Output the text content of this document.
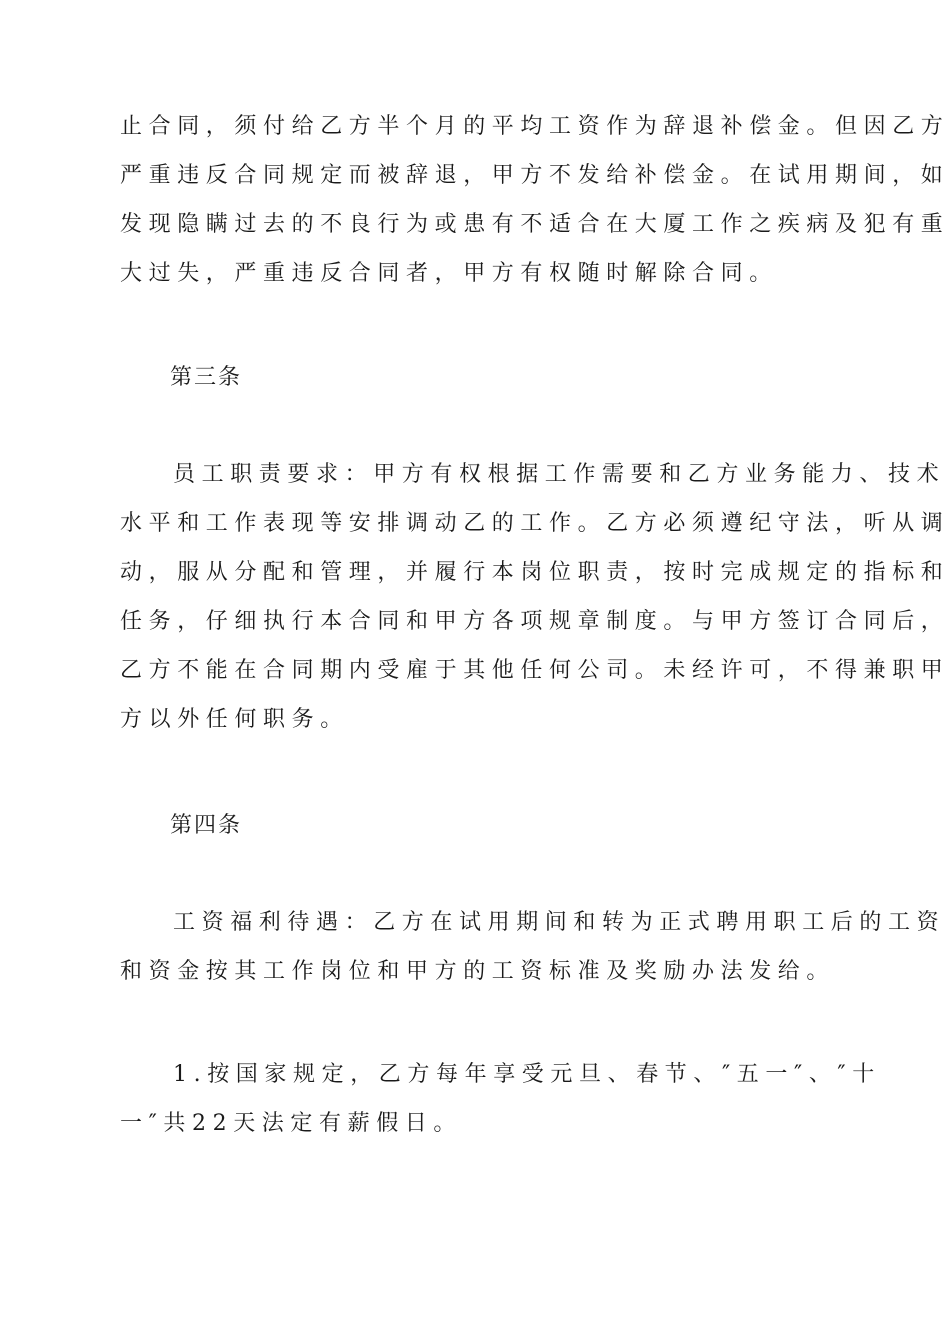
止合同，须付给乙方半个月的平均工资作为辞退补偿金。但因乙方
严重违反合同规定而被辞退，甲方不发给补偿金。在试用期间，如
发现隐瞒过去的不良行为或患有不适合在大厦工作之疾病及犯有重
大过失，严重违反合同者，甲方有权随时解除合同。
第三条
员工职责要求：甲方有权根据工作需要和乙方业务能力、技术
水平和工作表现等安排调动乙的工作。乙方必须遵纪守法，听从调
动，服从分配和管理，并履行本岗位职责，按时完成规定的指标和
任务，仔细执行本合同和甲方各项规章制度。与甲方签订合同后，
乙方不能在合同期内受雇于其他任何公司。未经许可，不得兼职甲
方以外任何职务。
第四条
工资福利待遇：乙方在试用期间和转为正式聘用职工后的工资
和资金按其工作岗位和甲方的工资标准及奖励办法发给。
1.按国家规定，乙方每年享受元旦、春节、″五一″、″十
一″共22天法定有薪假日。
